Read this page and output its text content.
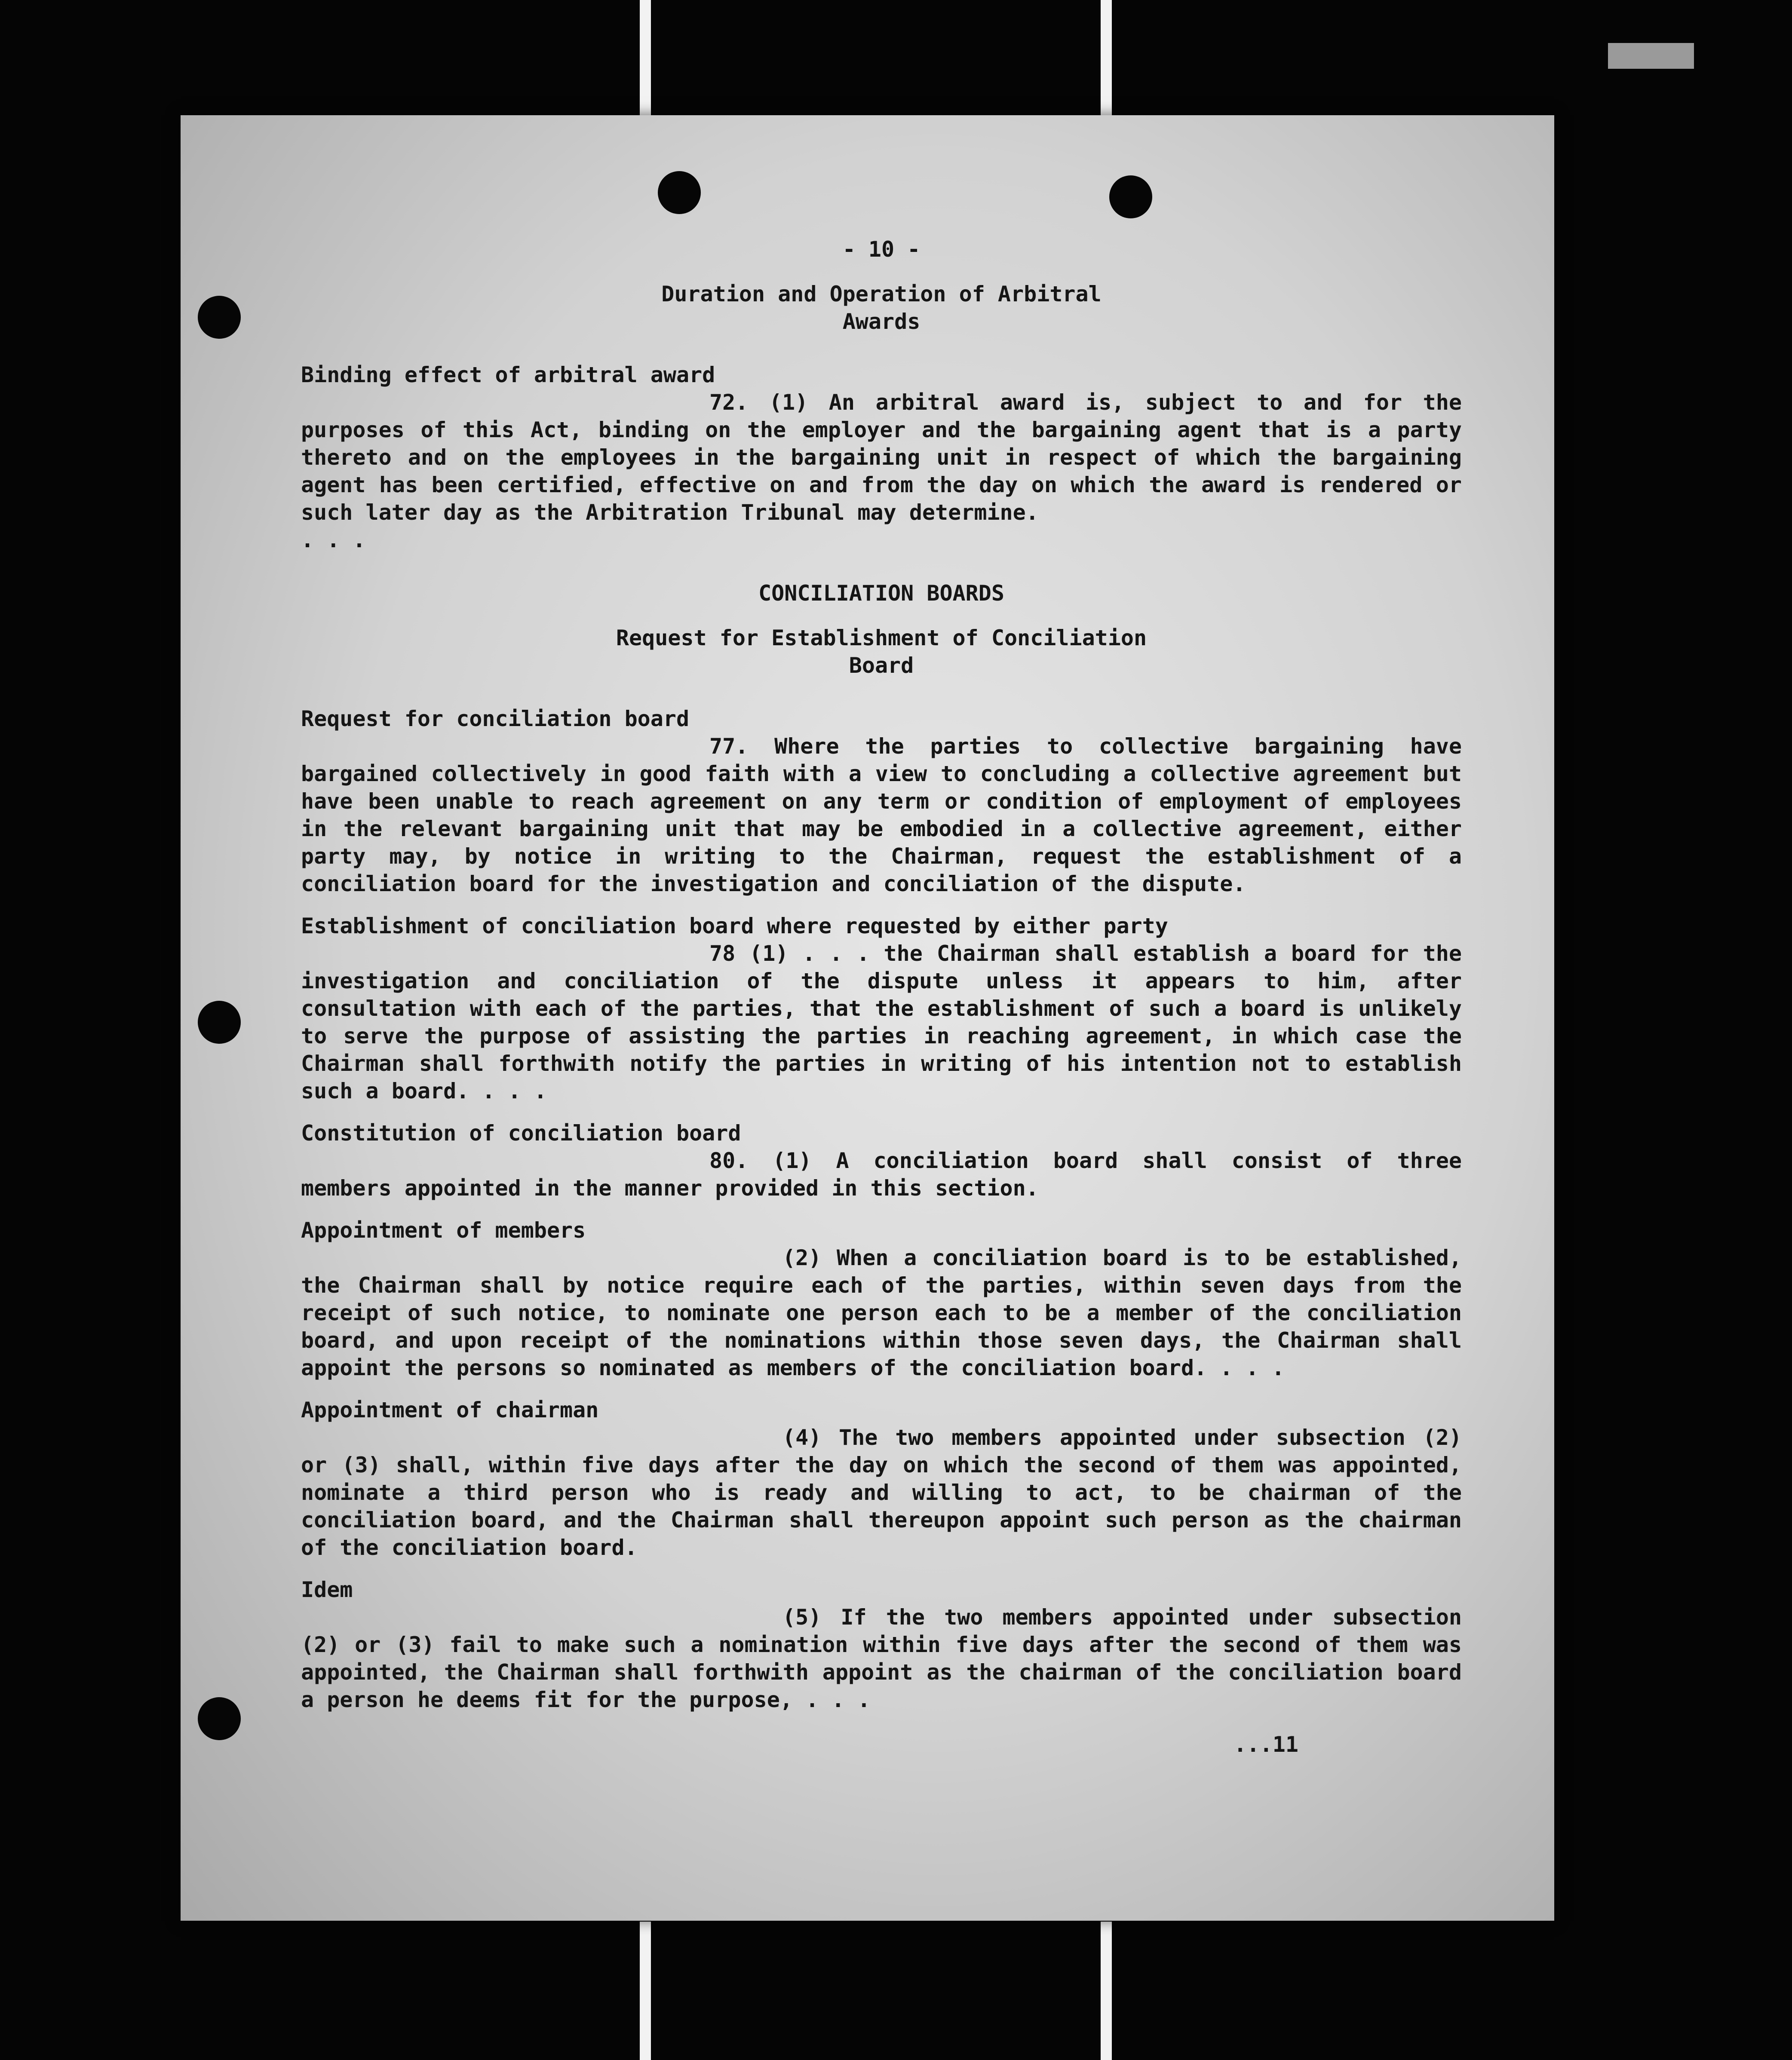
- 10 -
Duration and Operation of Arbitral
Awards
Binding effect of arbitral award
72. (1) An arbitral award is, subject to and for the purposes of this Act, binding on the employer and the bargaining agent that is a party thereto and on the employees in the bargaining unit in respect of which the bargaining agent has been certified, effective on and from the day on which the award is rendered or such later day as the Arbitration Tribunal may determine.
. . .
CONCILIATION BOARDS
Request for Establishment of Conciliation
Board
Request for conciliation board
77. Where the parties to collective bargaining have bargained collectively in good faith with a view to concluding a collective agreement but have been unable to reach agreement on any term or condition of employment of employees in the relevant bargaining unit that may be embodied in a collective agreement, either party may, by notice in writing to the Chairman, request the establishment of a conciliation board for the investigation and conciliation of the dispute.
Establishment of conciliation board where requested by either party
78 (1) . . . the Chairman shall establish a board for the investigation and conciliation of the dispute unless it appears to him, after consultation with each of the parties, that the establishment of such a board is unlikely to serve the purpose of assisting the parties in reaching agreement, in which case the Chairman shall forthwith notify the parties in writing of his intention not to establish such a board. . . .
Constitution of conciliation board
80. (1) A conciliation board shall consist of three members appointed in the manner provided in this section.
Appointment of members
(2) When a conciliation board is to be established, the Chairman shall by notice require each of the parties, within seven days from the receipt of such notice, to nominate one person each to be a member of the conciliation board, and upon receipt of the nominations within those seven days, the Chairman shall appoint the persons so nominated as members of the conciliation board. . . .
Appointment of chairman
(4) The two members appointed under subsection (2) or (3) shall, within five days after the day on which the second of them was appointed, nominate a third person who is ready and willing to act, to be chairman of the conciliation board, and the Chairman shall thereupon appoint such person as the chairman of the conciliation board.
Idem
(5) If the two members appointed under subsection (2) or (3) fail to make such a nomination within five days after the second of them was appointed, the Chairman shall forthwith appoint as the chairman of the conciliation board a person he deems fit for the purpose, . . .
...11
